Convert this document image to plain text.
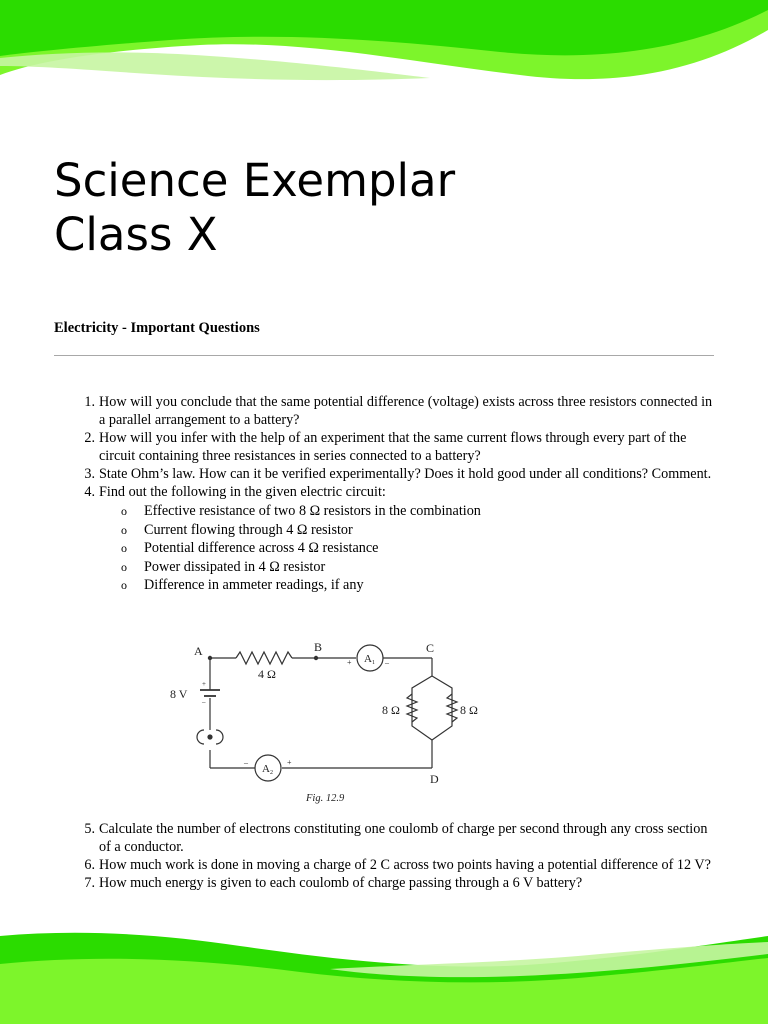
Science Exemplar
Class X

Electricity - Important Questions

1. How will you conclude that the same potential difference (voltage) exists across three resistors connected in a parallel arrangement to a battery?
2. How will you infer with the help of an experiment that the same current flows through every part of the circuit containing three resistances in series connected to a battery?
3. State Ohm’s law. How can it be verified experimentally? Does it hold good under all conditions? Comment.
4. Find out the following in the given electric circuit:
o Effective resistance of two 8 Ω resistors in the combination
o Current flowing through 4 Ω resistor
o Potential difference across 4 Ω resistance
o Power dissipated in 4 Ω resistor
o Difference in ammeter readings, if any
A	B	C
D
8 V
4 Ω
8 Ω	8 Ω
A1
A2
+	–
–	+
+
–
Fig. 12.9
5. Calculate the number of electrons constituting one coulomb of charge per second through any cross section of a conductor.
6. How much work is done in moving a charge of 2 C across two points having a potential difference of 12 V?
7. How much energy is given to each coulomb of charge passing through a 6 V battery?
